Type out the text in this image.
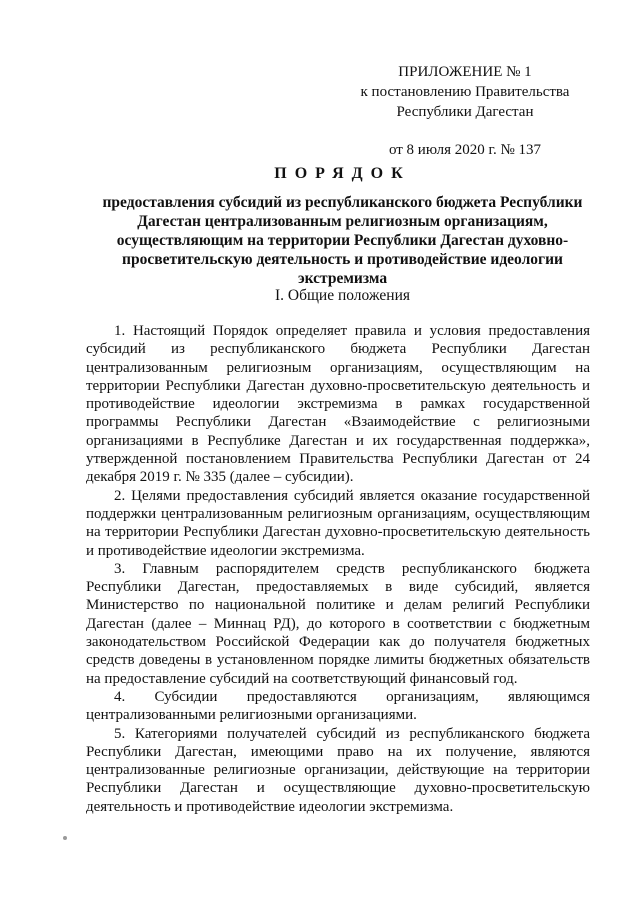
ПРИЛОЖЕНИЕ № 1
к постановлению Правительства
Республики Дагестан
от 8 июля 2020 г. № 137

ПОРЯДОК

предоставления субсидий из республиканского бюджета Республики Дагестан централизованным религиозным организациям, осуществляющим на территории Республики Дагестан духовно-просветительскую деятельность и противодействие идеологии экстремизма

I. Общие положения

1. Настоящий Порядок определяет правила и условия предоставления субсидий из республиканского бюджета Республики Дагестан централизованным религиозным организациям, осуществляющим на территории Республики Дагестан духовно-просветительскую деятельность и противодействие идеологии экстремизма в рамках государственной программы Республики Дагестан «Взаимодействие с религиозными организациями в Республике Дагестан и их государственная поддержка», утвержденной постановлением Правительства Республики Дагестан от 24 декабря 2019 г. № 335 (далее – субсидии).

2. Целями предоставления субсидий является оказание государственной поддержки централизованным религиозным организациям, осуществляющим на территории Республики Дагестан духовно-просветительскую деятельность и противодействие идеологии экстремизма.

3. Главным распорядителем средств республиканского бюджета Республики Дагестан, предоставляемых в виде субсидий, является Министерство по национальной политике и делам религий Республики Дагестан (далее – Миннац РД), до которого в соответствии с бюджетным законодательством Российской Федерации как до получателя бюджетных средств доведены в установленном порядке лимиты бюджетных обязательств на предоставление субсидий на соответствующий финансовый год.

4. Субсидии предоставляются организациям, являющимся централизованными религиозными организациями.

5. Категориями получателей субсидий из республиканского бюджета Республики Дагестан, имеющими право на их получение, являются централизованные религиозные организации, действующие на территории Республики Дагестан и осуществляющие духовно-просветительскую деятельность и противодействие идеологии экстремизма.
